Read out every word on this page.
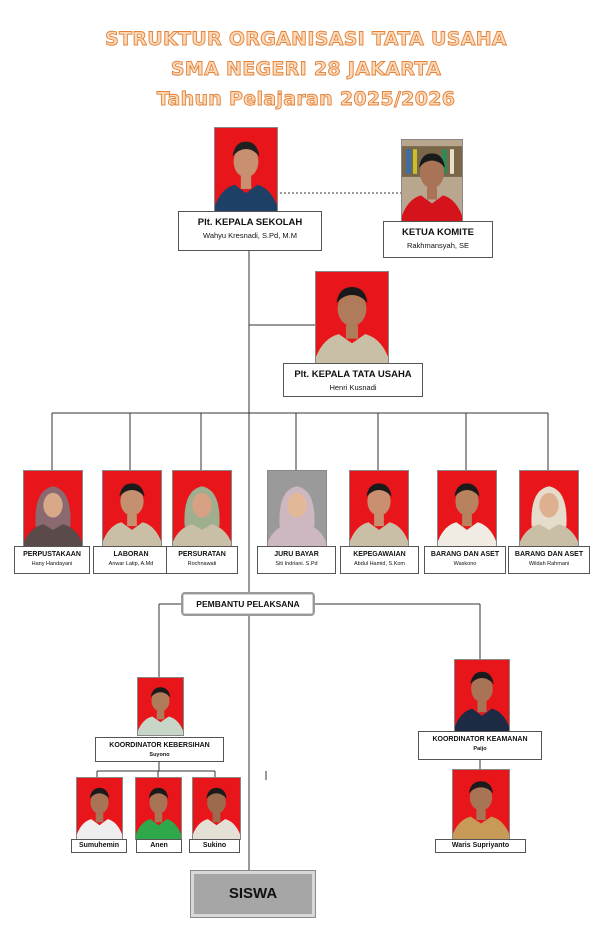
STRUKTUR ORGANISASI TATA USAHA
SMA NEGERI 28 JAKARTA
Tahun Pelajaran 2025/2026
Plt. KEPALA SEKOLAH
Wahyu Kresnadi, S.Pd, M.M	KETUA KOMITE
Rakhmansyah, SE
Plt. KEPALA TATA USAHA
Henri Kusnadi
PERPUSTAKAAN
Hany Handayani
LABORAN
Anwar Latip, A.Md
PERSURATAN
Rochnawati
JURU BAYAR
Siti Indriani. S.Pd
KEPEGAWAIAN
Abdul Hamid, S.Kom
BARANG DAN ASET
Waskono
BARANG DAN ASET
Wildah Rahmani
PEMBANTU PELAKSANA
KOORDINATOR KEBERSIHAN
Suyono
KOORDINATOR KEAMANAN
Paijo
Sumuhemin	Anen	Sukino	Waris Supriyanto
SISWA
